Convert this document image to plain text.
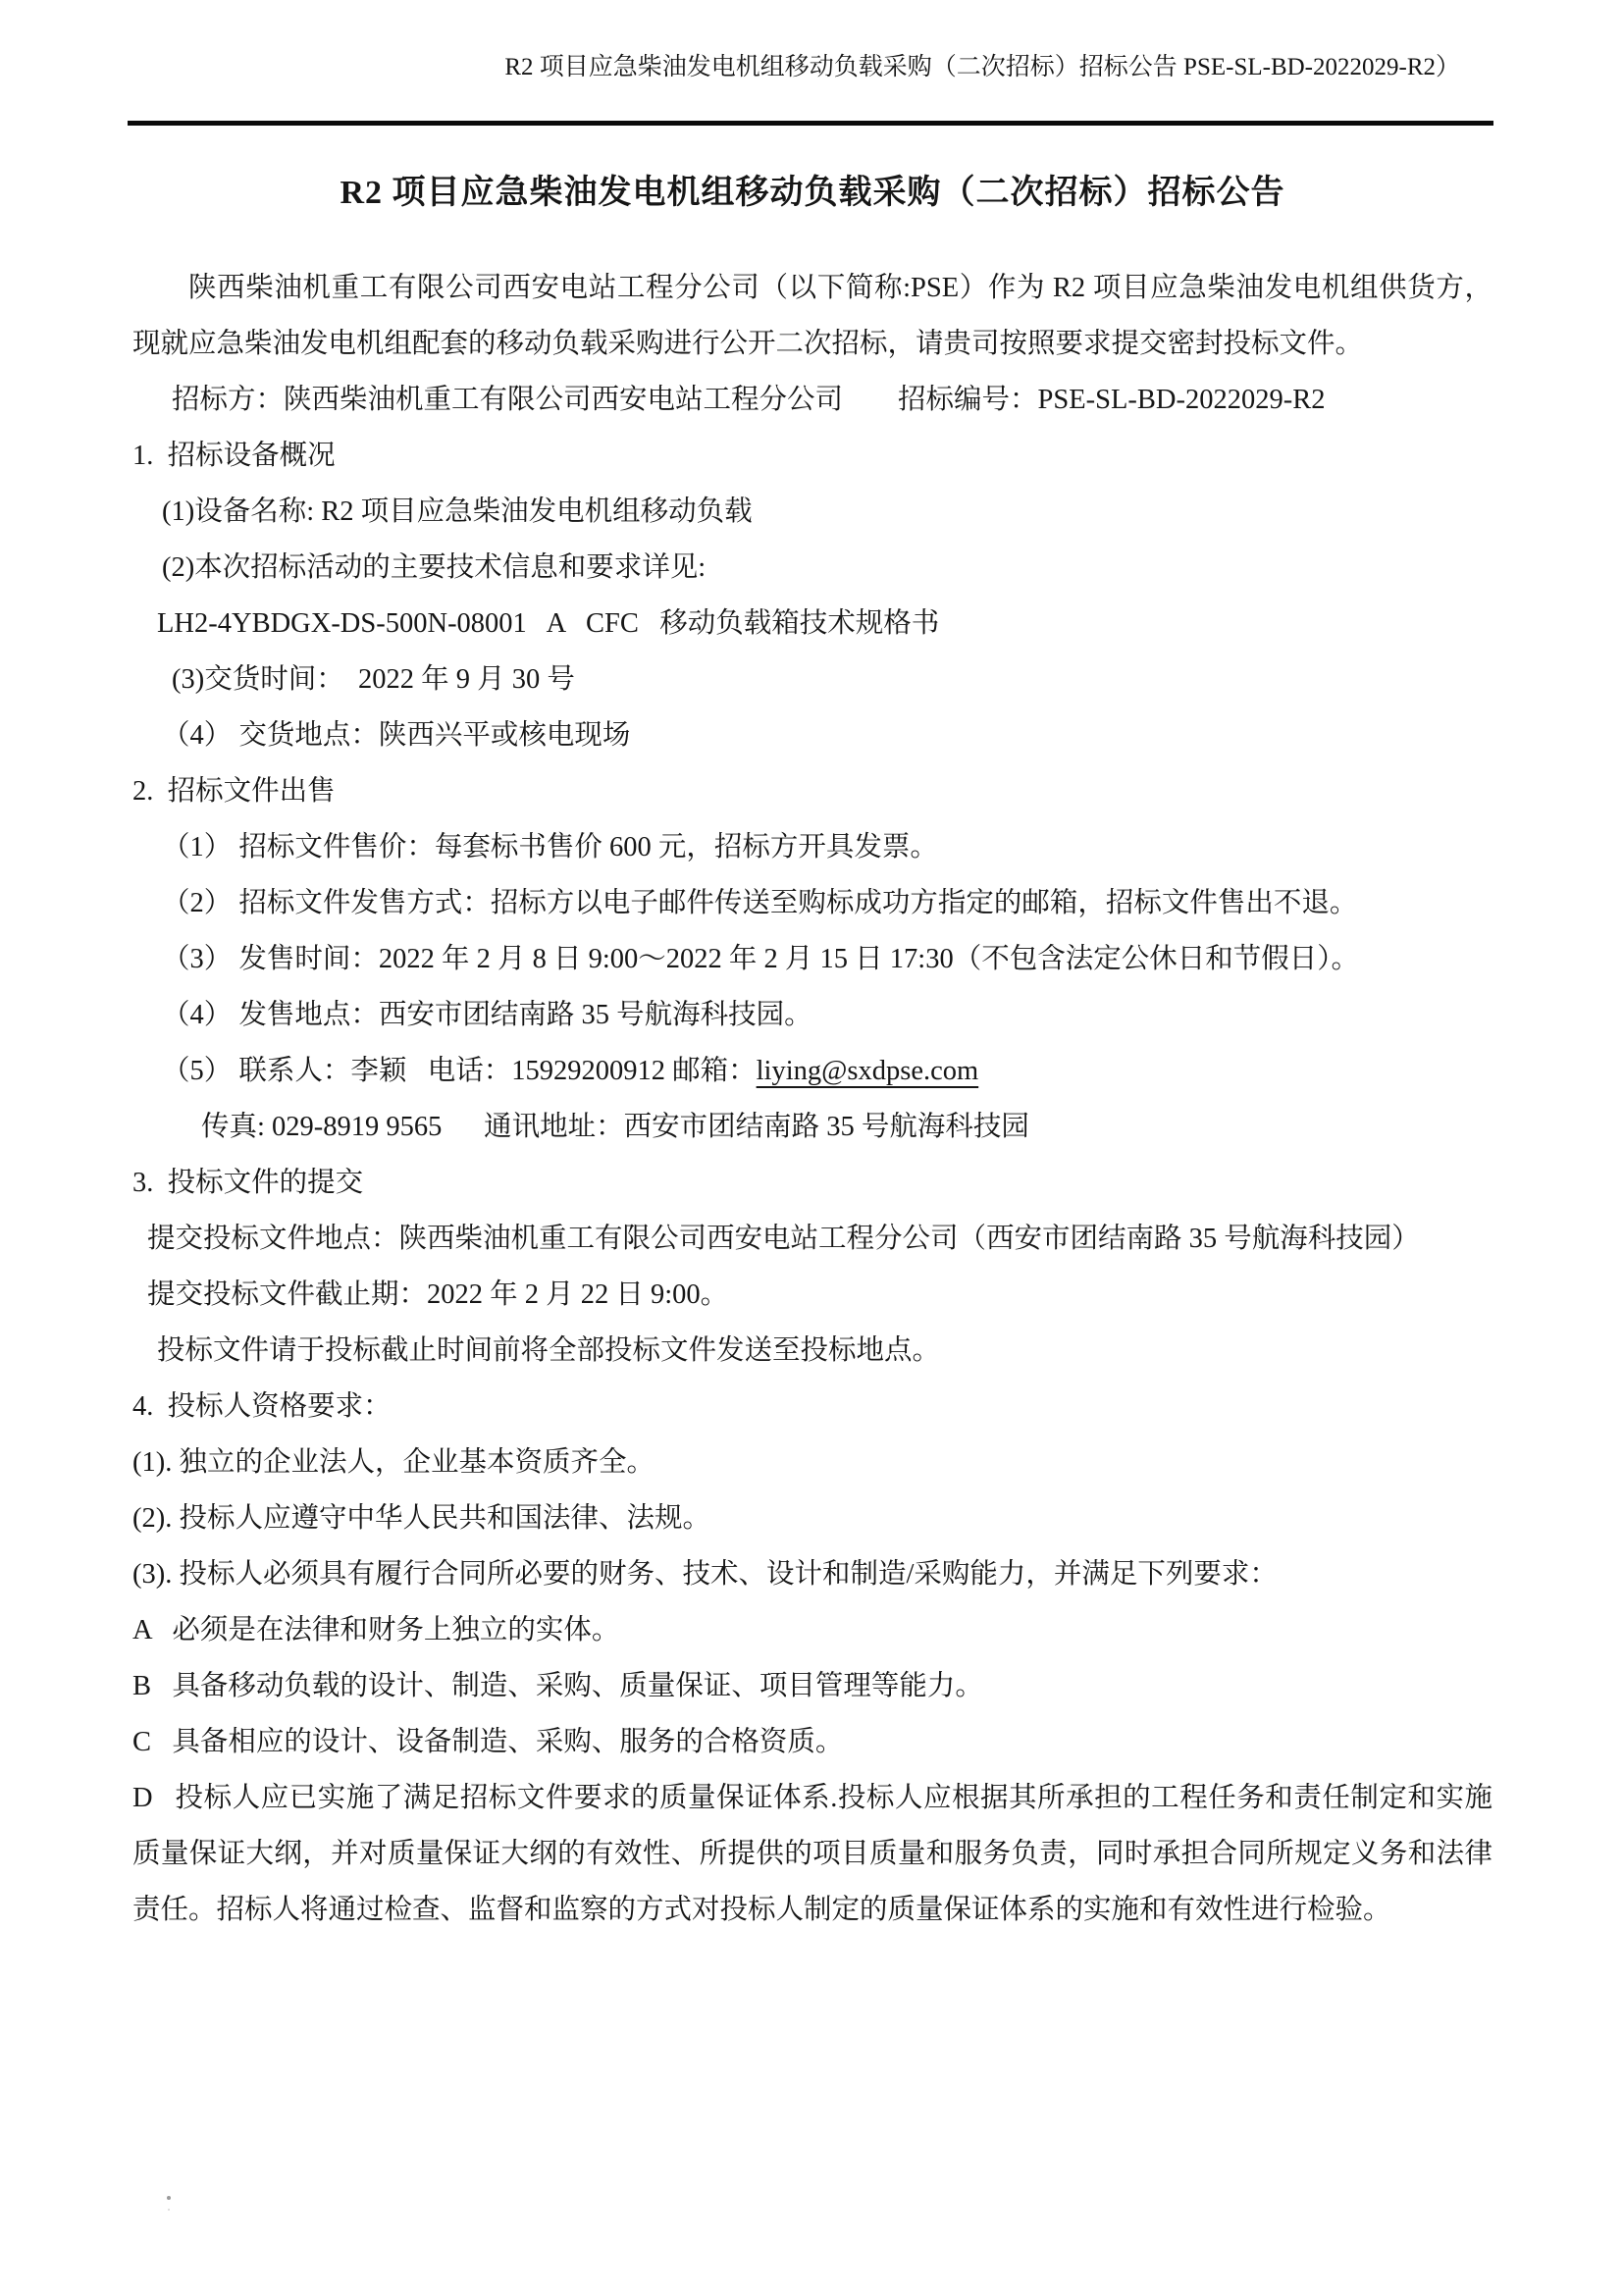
R2 项目应急柴油发电机组移动负载采购（二次招标）招标公告 PSE-SL-BD-2022029-R2）

R2 项目应急柴油发电机组移动负载采购（二次招标）招标公告

陕西柴油机重工有限公司西安电站工程分公司（以下简称:PSE）作为 R2 项目应急柴油发电机组供货方，现就应急柴油发电机组配套的移动负载采购进行公开二次招标，请贵司按照要求提交密封投标文件。

招标方：陕西柴油机重工有限公司西安电站工程分公司 招标编号：PSE-SL-BD-2022029-R2

1.  招标设备概况

(1)设备名称: R2 项目应急柴油发电机组移动负载

(2)本次招标活动的主要技术信息和要求详见:

LH2-4YBDGX-DS-500N-08001   A   CFC   移动负载箱技术规格书

(3)交货时间：  2022 年 9 月 30 号

（4） 交货地点：陕西兴平或核电现场

2.  招标文件出售

（1） 招标文件售价：每套标书售价 600 元，招标方开具发票。

（2） 招标文件发售方式：招标方以电子邮件传送至购标成功方指定的邮箱，招标文件售出不退。

（3） 发售时间：2022 年 2 月 8 日 9:00～2022 年 2 月 15 日 17:30（不包含法定公休日和节假日）。

（4） 发售地点：西安市团结南路 35 号航海科技园。

（5） 联系人：李颖   电话：15929200912 邮箱：liying@sxdpse.com

传真: 029-8919 9565      通讯地址：西安市团结南路 35 号航海科技园

3.  投标文件的提交

提交投标文件地点：陕西柴油机重工有限公司西安电站工程分公司（西安市团结南路 35 号航海科技园）

提交投标文件截止期：2022 年 2 月 22 日 9:00。

投标文件请于投标截止时间前将全部投标文件发送至投标地点。

4.  投标人资格要求：

(1). 独立的企业法人，企业基本资质齐全。

(2). 投标人应遵守中华人民共和国法律、法规。

(3). 投标人必须具有履行合同所必要的财务、技术、设计和制造/采购能力，并满足下列要求：

A   必须是在法律和财务上独立的实体。

B   具备移动负载的设计、制造、采购、质量保证、项目管理等能力。

C   具备相应的设计、设备制造、采购、服务的合格资质。

D   投标人应已实施了满足招标文件要求的质量保证体系.投标人应根据其所承担的工程任务和责任制定和实施质量保证大纲，并对质量保证大纲的有效性、所提供的项目质量和服务负责，同时承担合同所规定义务和法律责任。招标人将通过检查、监督和监察的方式对投标人制定的质量保证体系的实施和有效性进行检验。
